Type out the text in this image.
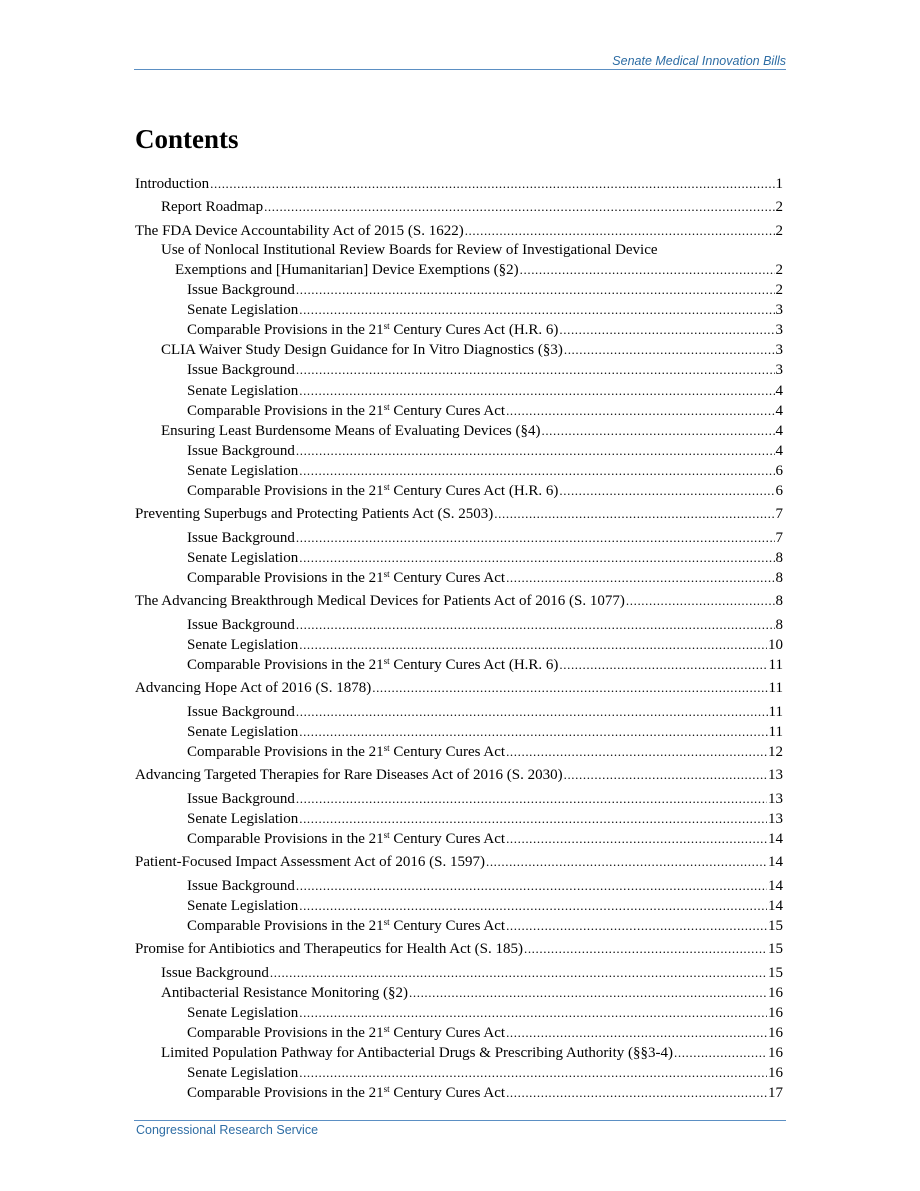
Senate Medical Innovation Bills
Contents
Introduction .....	1
Report Roadmap .....	2
The FDA Device Accountability Act of 2015 (S. 1622) .....	2
Use of Nonlocal Institutional Review Boards for Review of Investigational Device
Exemptions and [Humanitarian] Device Exemptions (§2) .....	2
Issue Background .....	2
Senate Legislation .....	3
Comparable Provisions in the 21st Century Cures Act (H.R. 6) .....	3
CLIA Waiver Study Design Guidance for In Vitro Diagnostics (§3) .....	3
Issue Background .....	3
Senate Legislation .....	4
Comparable Provisions in the 21st Century Cures Act .....	4
Ensuring Least Burdensome Means of Evaluating Devices (§4) .....	4
Issue Background .....	4
Senate Legislation .....	6
Comparable Provisions in the 21st Century Cures Act (H.R. 6) .....	6
Preventing Superbugs and Protecting Patients Act (S. 2503) .....	7
Issue Background .....	7
Senate Legislation .....	8
Comparable Provisions in the 21st Century Cures Act .....	8
The Advancing Breakthrough Medical Devices for Patients Act of 2016 (S. 1077) .....	8
Issue Background .....	8
Senate Legislation .....	10
Comparable Provisions in the 21st Century Cures Act (H.R. 6) .....	11
Advancing Hope Act of 2016 (S. 1878) .....	11
Issue Background .....	11
Senate Legislation .....	11
Comparable Provisions in the 21st Century Cures Act .....	12
Advancing Targeted Therapies for Rare Diseases Act of 2016 (S. 2030) .....	13
Issue Background .....	13
Senate Legislation .....	13
Comparable Provisions in the 21st Century Cures Act .....	14
Patient-Focused Impact Assessment Act of 2016 (S. 1597) .....	14
Issue Background .....	14
Senate Legislation .....	14
Comparable Provisions in the 21st Century Cures Act .....	15
Promise for Antibiotics and Therapeutics for Health Act (S. 185) .....	15
Issue Background .....	15
Antibacterial Resistance Monitoring (§2) .....	16
Senate Legislation .....	16
Comparable Provisions in the 21st Century Cures Act .....	16
Limited Population Pathway for Antibacterial Drugs & Prescribing Authority (§§3-4) .....	16
Senate Legislation .....	16
Comparable Provisions in the 21st Century Cures Act .....	17
Congressional Research Service
